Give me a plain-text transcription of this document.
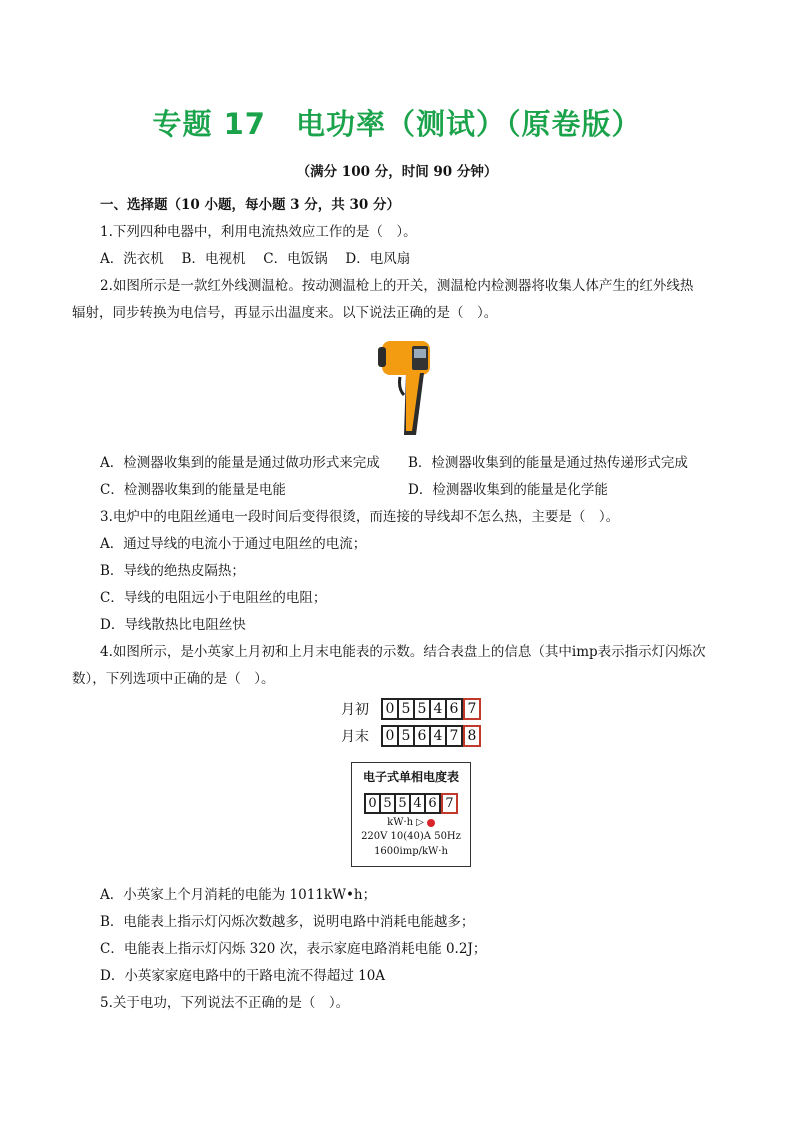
专题 17　电功率（测试）（原卷版）
（满分 100 分，时间 90 分钟）
一、选择题（10 小题，每小题 3 分，共 30 分）
1.下列四种电器中，利用电流热效应工作的是（　）。
A．洗衣机　 B．电视机　 C．电饭锅　 D．电风扇
2.如图所示是一款红外线测温枪。按动测温枪上的开关，测温枪内检测器将收集人体产生的红外线热
辐射，同步转换为电信号，再显示出温度来。以下说法正确的是（　）。
A．检测器收集到的能量是通过做功形式来完成 B．检测器收集到的能量是通过热传递形式完成
C．检测器收集到的能量是电能	D．检测器收集到的能量是化学能
3.电炉中的电阻丝通电一段时间后变得很烫，而连接的导线却不怎么热，主要是（　）。
A．通过导线的电流小于通过电阻丝的电流；
B．导线的绝热皮隔热；
C．导线的电阻远小于电阻丝的电阻；
D．导线散热比电阻丝快
4.如图所示，是小英家上月初和上月末电能表的示数。结合表盘上的信息（其中imp表示指示灯闪烁次
数），下列选项中正确的是（　）。
月初	0 5 5 4 6 7
月末	0 5 6 4 7 8
电子式单相电度表
0 5 5 4 6 7
kW·h ▷
220V 10(40)A 50Hz
1600imp/kW·h
A．小英家上个月消耗的电能为 1011kW•h；
B．电能表上指示灯闪烁次数越多，说明电路中消耗电能越多；
C．电能表上指示灯闪烁 320 次，表示家庭电路消耗电能 0.2J；
D．小英家家庭电路中的干路电流不得超过 10A
5.关于电功，下列说法不正确的是（　）。
